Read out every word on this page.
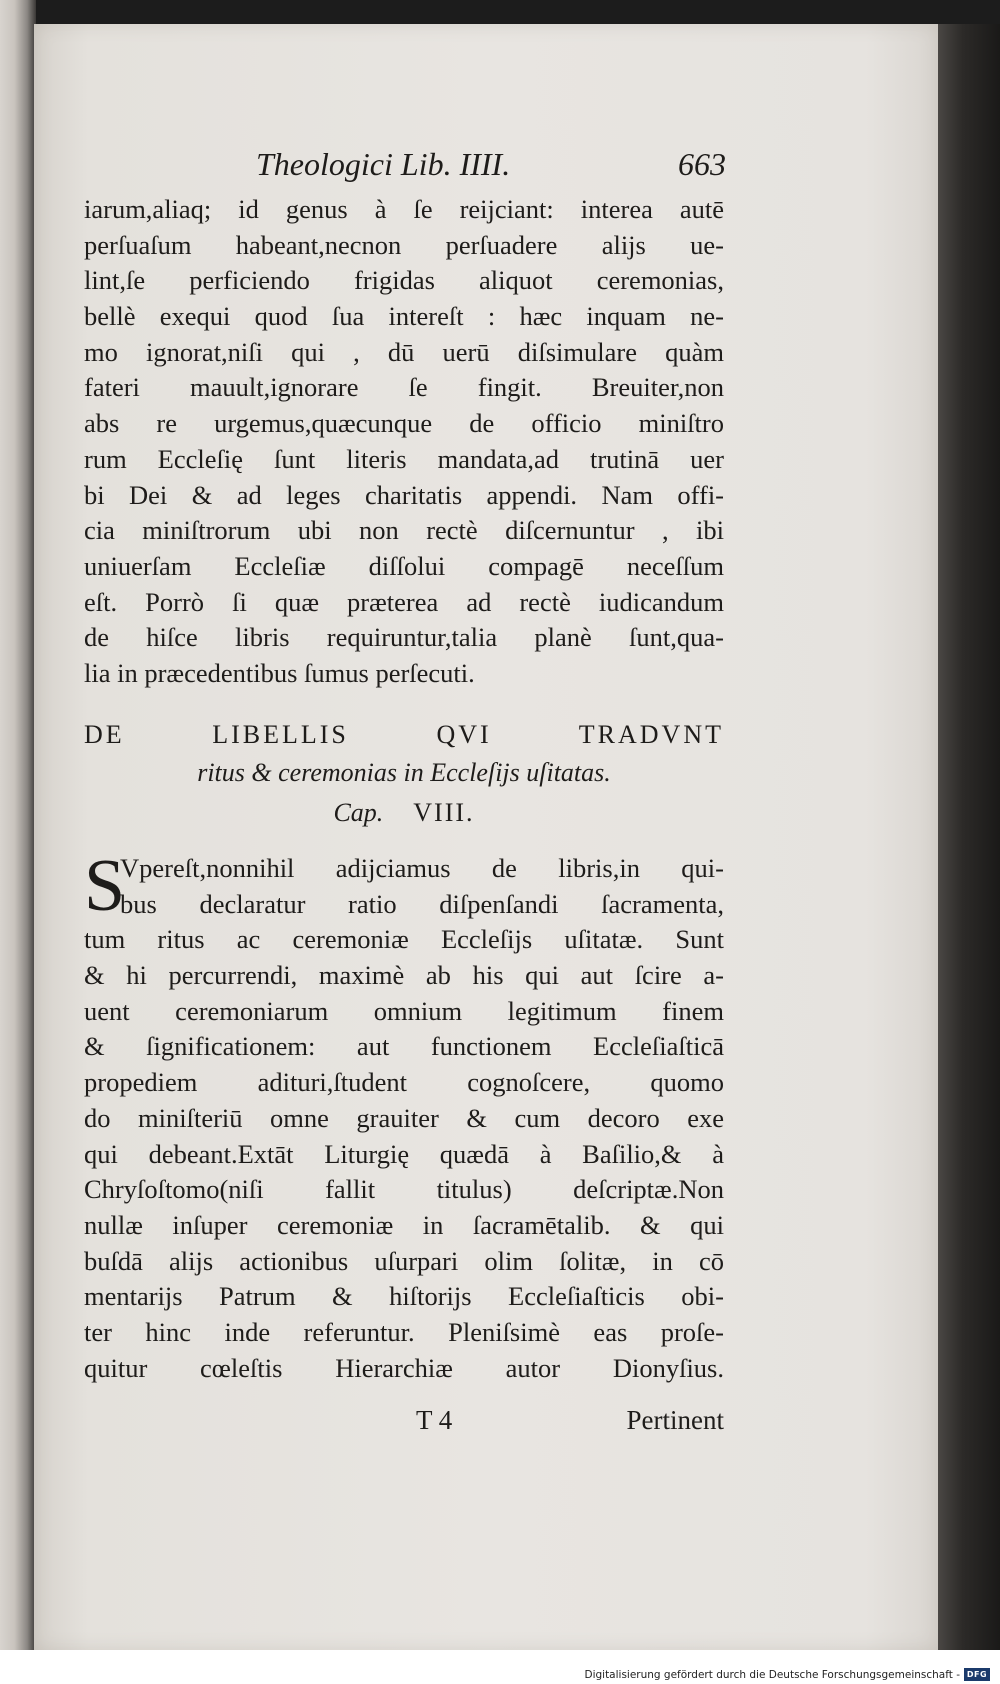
Theologici Lib. IIII.	663
iarum,aliaq; id genus à ſe reijciant: interea autē
perſuaſum habeant,necnon perſuadere alijs ue-
lint,ſe perficiendo frigidas aliquot ceremonias,
bellè exequi quod ſua intereſt : hæc inquam ne-
mo ignorat,niſi qui , dū uerū diſsimulare quàm
fateri mauult,ignorare ſe fingit. Breuiter,non
abs re urgemus,quæcunque de officio miniſtro
rum Eccleſię ſunt literis mandata,ad trutinā uer
bi Dei & ad leges charitatis appendi. Nam offi-
cia miniſtrorum ubi non rectè diſcernuntur , ibi
uniuerſam Eccleſiæ diſſolui compagē neceſſum
eſt. Porrò ſi quæ præterea ad rectè iudicandum
de hiſce libris requiruntur,talia planè ſunt,qua-
lia in præcedentibus ſumus perſecuti.
DE LIBELLIS QVI TRADVNT
ritus & ceremonias in Eccleſijs uſitatas.
Cap. VIII.
S
Vpereſt,nonnihil adijciamus de libris,in qui-
bus declaratur ratio diſpenſandi ſacramenta,
tum ritus ac ceremoniæ Eccleſijs uſitatæ. Sunt
& hi percurrendi, maximè ab his qui aut ſcire a-
uent ceremoniarum omnium legitimum finem
& ſignificationem: aut functionem Eccleſiaſticā
propediem adituri,ſtudent cognoſcere, quomo
do miniſteriū omne grauiter & cum decoro exe
qui debeant.Extāt Liturgię quædā à Baſilio,& à
Chryſoſtomo(niſi fallit titulus) deſcriptæ.Non
nullæ inſuper ceremoniæ in ſacramētalib. & qui
buſdā alijs actionibus uſurpari olim ſolitæ, in cō
mentarijs Patrum & hiſtorijs Eccleſiaſticis obi-
ter hinc inde referuntur. Pleniſsimè eas proſe-
quitur cœleſtis Hierarchiæ autor Dionyſius.
T 4	Pertinent
Digitalisierung gefördert durch die Deutsche Forschungsgemeinschaft - DFG
